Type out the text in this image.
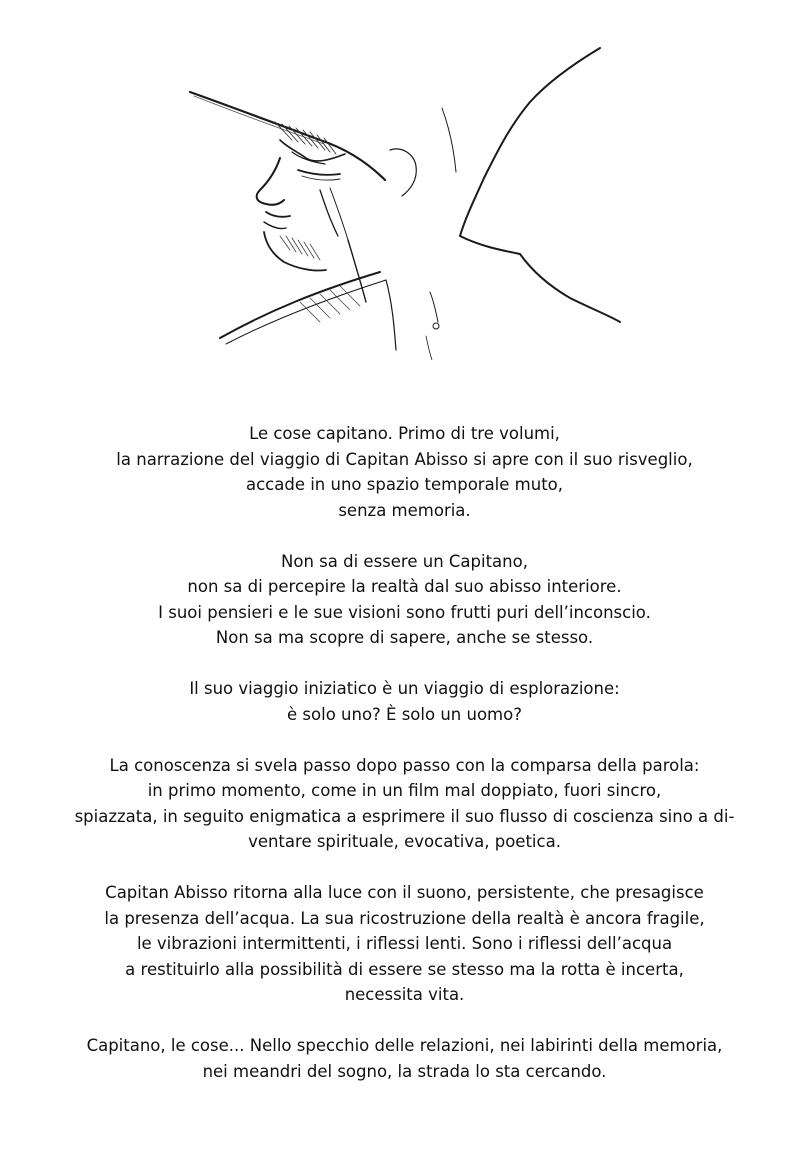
Le cose capitano. Primo di tre volumi,
la narrazione del viaggio di Capitan Abisso si apre con il suo risveglio,
accade in uno spazio temporale muto,
senza memoria.

Non sa di essere un Capitano,
non sa di percepire la realtà dal suo abisso interiore.
I suoi pensieri e le sue visioni sono frutti puri dell’inconscio.
Non sa ma scopre di sapere, anche se stesso.

Il suo viaggio iniziatico è un viaggio di esplorazione:
è solo uno? È solo un uomo?

La conoscenza si svela passo dopo passo con la comparsa della parola:
in primo momento, come in un film mal doppiato, fuori sincro,
spiazzata, in seguito enigmatica a esprimere il suo flusso di coscienza sino a di-
ventare spirituale, evocativa, poetica.

Capitan Abisso ritorna alla luce con il suono, persistente, che presagisce
la presenza dell’acqua. La sua ricostruzione della realtà è ancora fragile,
le vibrazioni intermittenti, i riflessi lenti. Sono i riflessi dell’acqua
a restituirlo alla possibilità di essere se stesso ma la rotta è incerta,
necessita vita.

Capitano, le cose... Nello specchio delle relazioni, nei labirinti della memoria,
nei meandri del sogno, la strada lo sta cercando.
